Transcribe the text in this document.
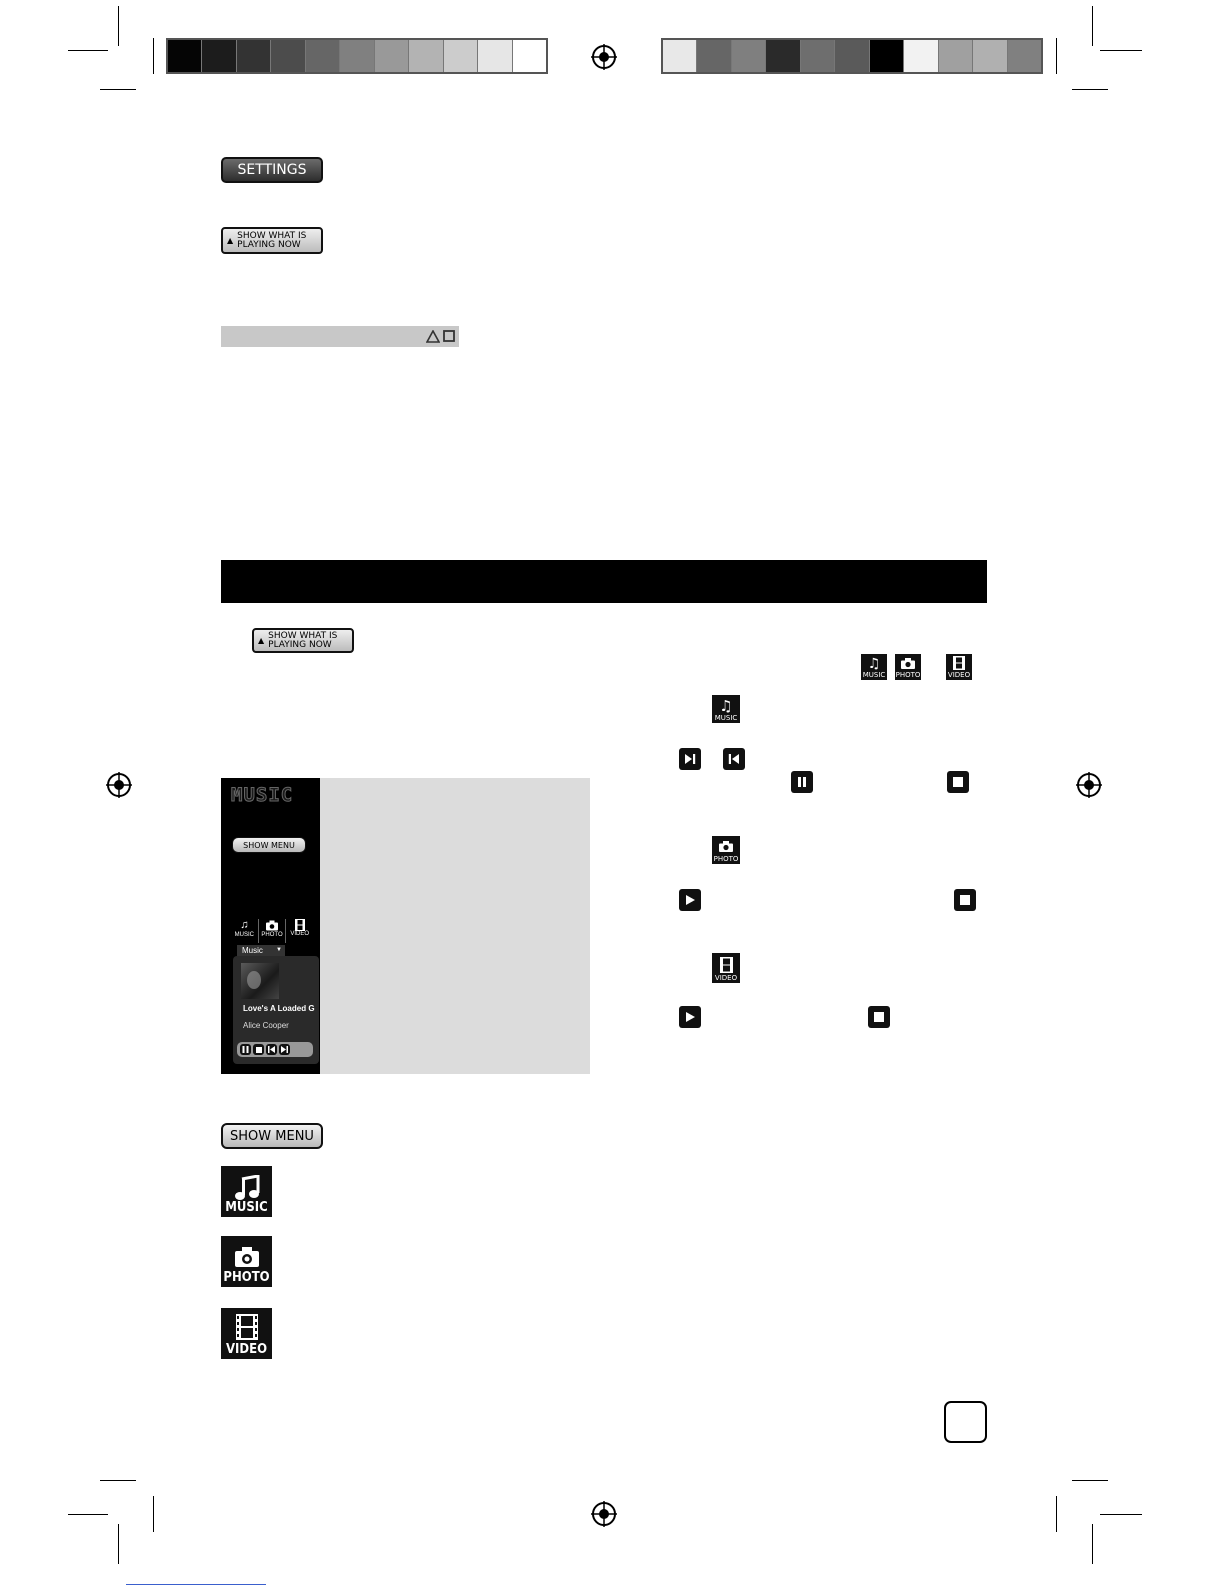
SETTINGS
▲ SHOW WHAT IS
PLAYING NOW
▲ SHOW WHAT IS
PLAYING NOW
MUSIC
SHOW MENU
♫
MUSIC PHOTO VIDEO
Music ▼
Love's A Loaded G
Alice Cooper
SHOW MENU
MUSIC
PHOTO
VIDEO
♫
MUSIC PHOTO	VIDEO
♫
MUSIC
PHOTO
VIDEO
